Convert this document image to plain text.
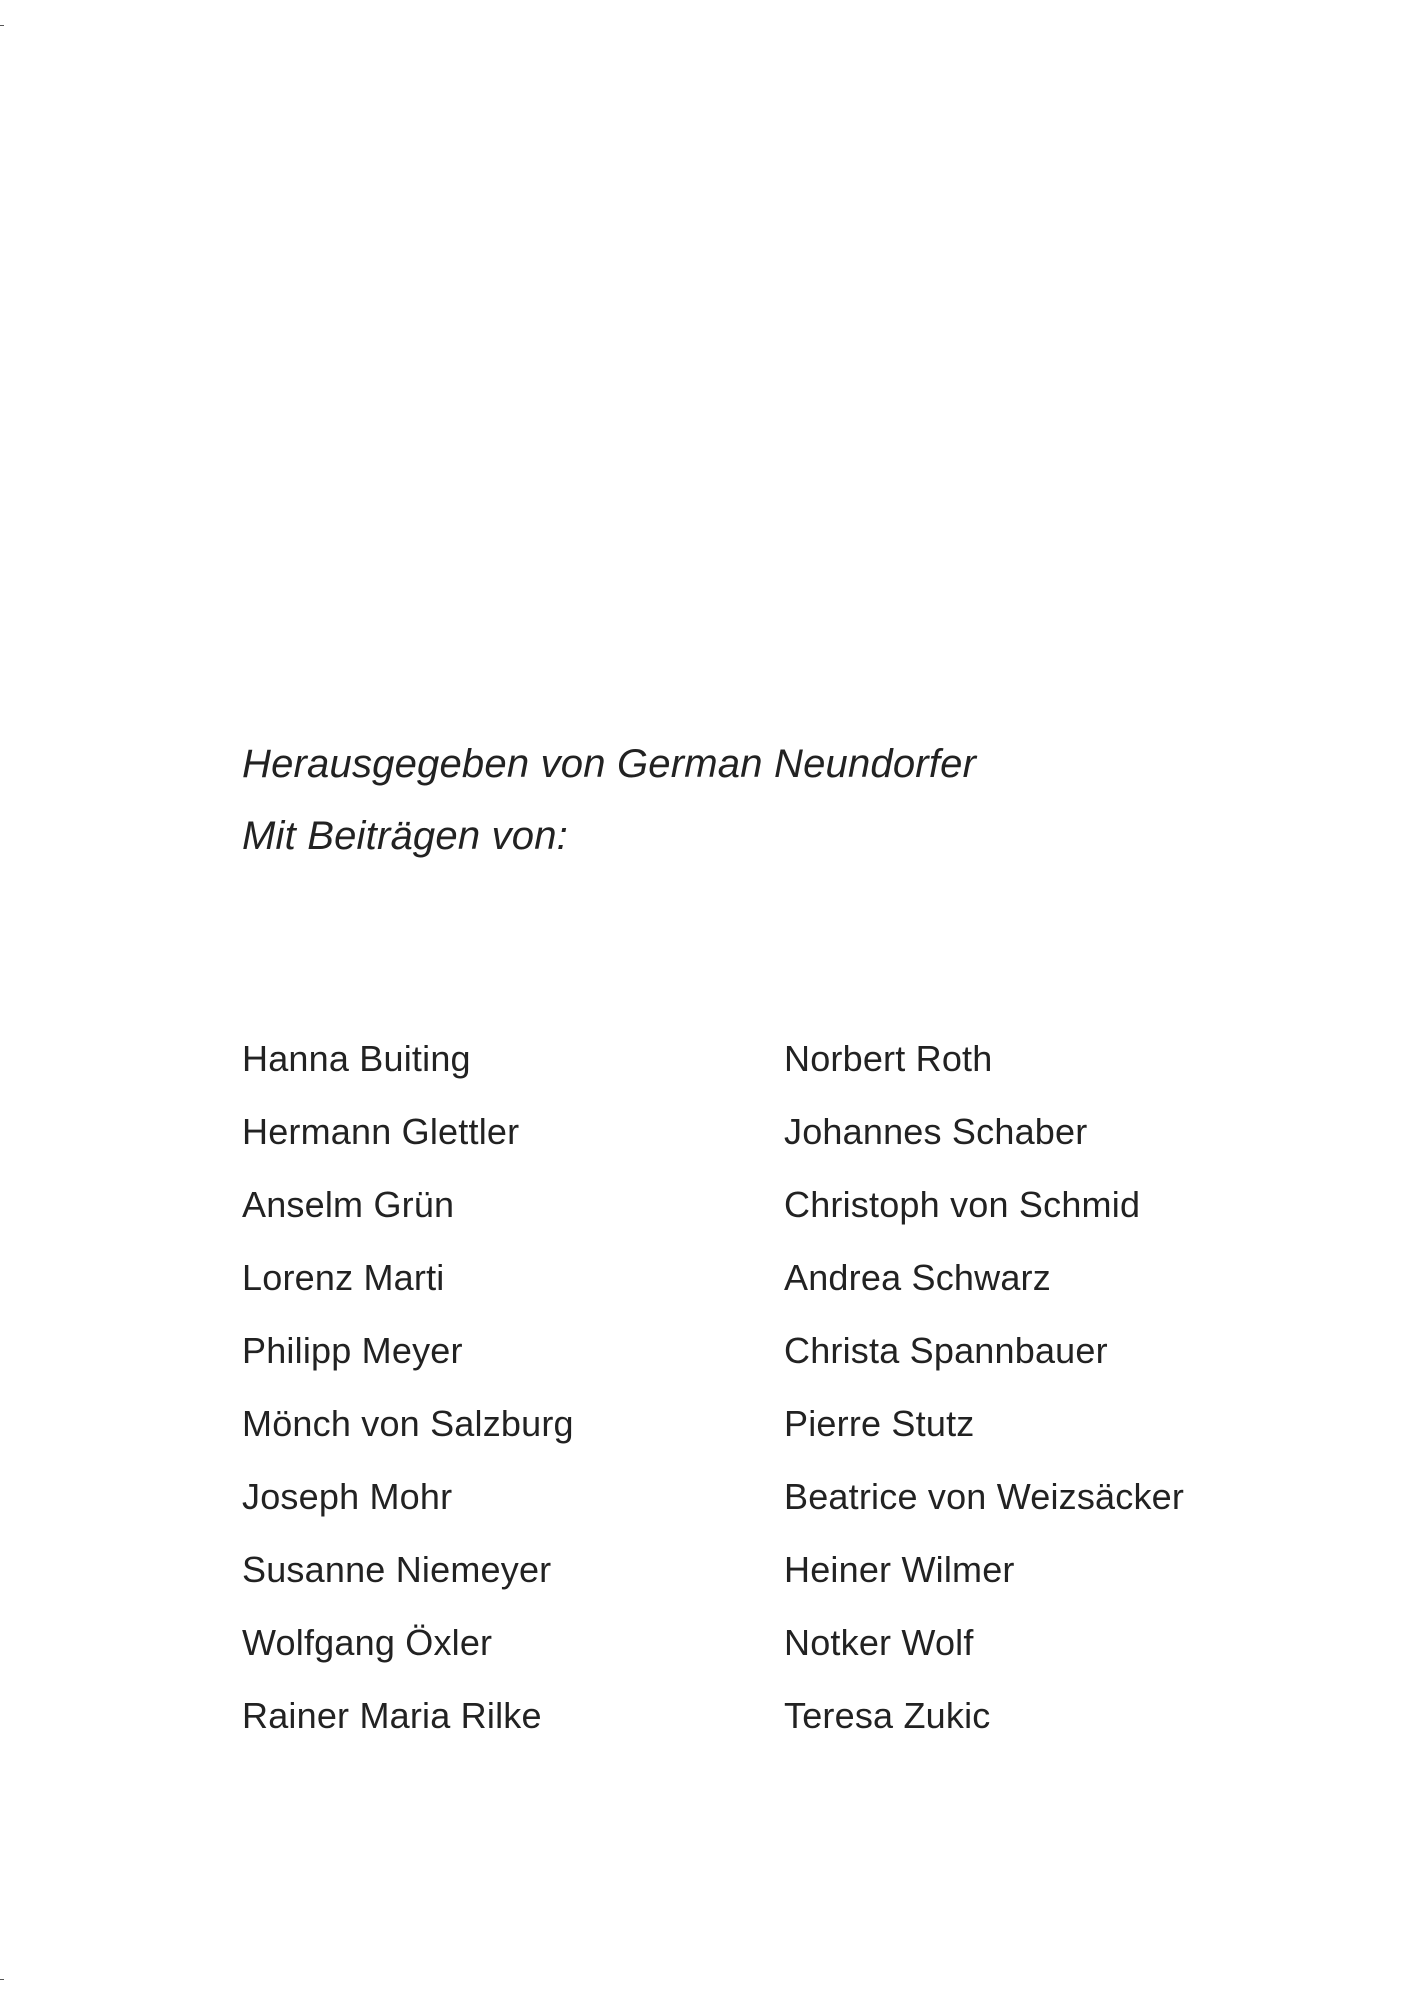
Herausgegeben von German Neundorfer
Mit Beiträgen von:
Hanna Buiting
Hermann Glettler
Anselm Grün
Lorenz Marti
Philipp Meyer
Mönch von Salzburg
Joseph Mohr
Susanne Niemeyer
Wolfgang Öxler
Rainer Maria Rilke
Norbert Roth
Johannes Schaber
Christoph von Schmid
Andrea Schwarz
Christa Spannbauer
Pierre Stutz
Beatrice von Weizsäcker
Heiner Wilmer
Notker Wolf
Teresa Zukic
